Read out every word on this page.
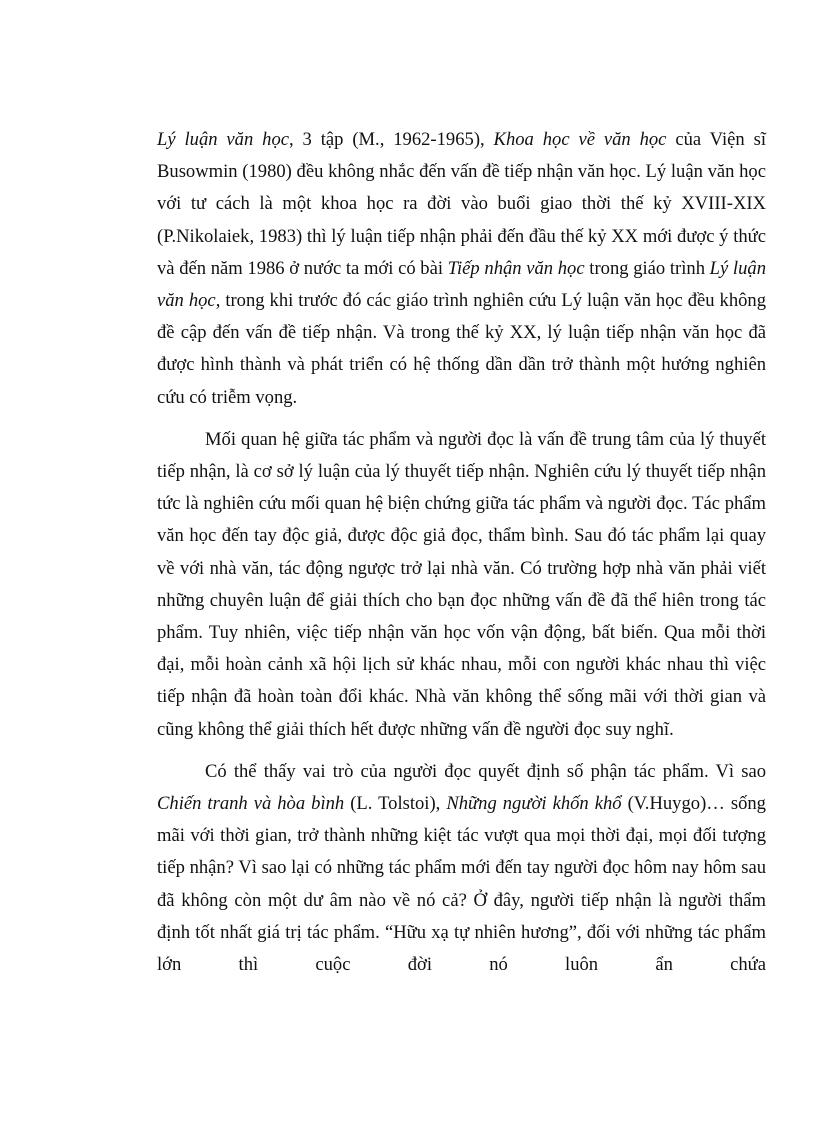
Lý luận văn học, 3 tập (M., 1962-1965), Khoa học về văn học của Viện sĩ Busowmin (1980) đều không nhắc đến vấn đề tiếp nhận văn học. Lý luận văn học với tư cách là một khoa học ra đời vào buổi giao thời thế kỷ XVIII-XIX (P.Nikolaiek, 1983) thì lý luận tiếp nhận phải đến đầu thế kỷ XX mới được ý thức và đến năm 1986 ở nước ta mới có bài Tiếp nhận văn học trong giáo trình Lý luận văn học, trong khi trước đó các giáo trình nghiên cứu Lý luận văn học đều không đề cập đến vấn đề tiếp nhận. Và trong thế kỷ XX, lý luận tiếp nhận văn học đã được hình thành và phát triển có hệ thống dần dần trở thành một hướng nghiên cứu có triễm vọng.

Mối quan hệ giữa tác phẩm và người đọc là vấn đề trung tâm của lý thuyết tiếp nhận, là cơ sở lý luận của lý thuyết tiếp nhận. Nghiên cứu lý thuyết tiếp nhận tức là nghiên cứu mối quan hệ biện chứng giữa tác phẩm và người đọc. Tác phẩm văn học đến tay độc giả, được độc giả đọc, thẩm bình. Sau đó tác phẩm lại quay về với nhà văn, tác động ngược trở lại nhà văn. Có trường hợp nhà văn phải viết những chuyên luận để giải thích cho bạn đọc những vấn đề đã thể hiên trong tác phẩm. Tuy nhiên, việc tiếp nhận văn học vốn vận động, bất biến. Qua mỗi thời đại, mỗi hoàn cảnh xã hội lịch sử khác nhau, mỗi con người khác nhau thì việc tiếp nhận đã hoàn toàn đổi khác. Nhà văn không thể sống mãi với thời gian và cũng không thể giải thích hết được những vấn đề người đọc suy nghĩ.

Có thể thấy vai trò của người đọc quyết định số phận tác phẩm. Vì sao Chiến tranh và hòa bình (L. Tolstoi), Những người khốn khổ (V.Huygo)… sống mãi với thời gian, trở thành những kiệt tác vượt qua mọi thời đại, mọi đối tượng tiếp nhận? Vì sao lại có những tác phẩm mới đến tay người đọc hôm nay hôm sau đã không còn một dư âm nào về nó cả? Ở đây, người tiếp nhận là người thẩm định tốt nhất giá trị tác phẩm. “Hữu xạ tự nhiên hương”, đối với những tác phẩm lớn thì cuộc đời nó luôn ẩn chứa
